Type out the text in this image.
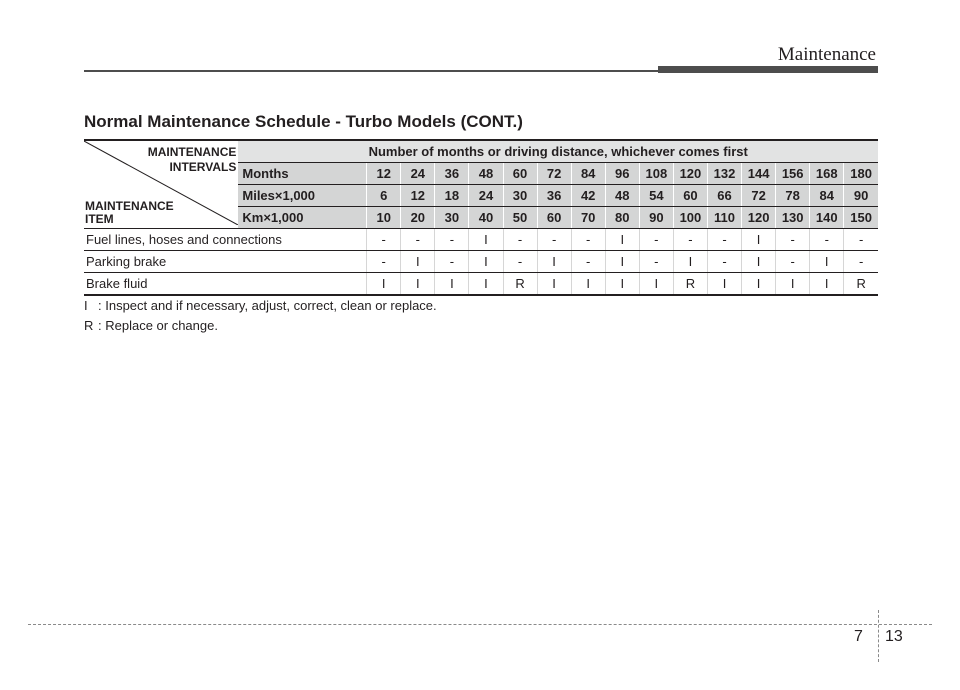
Maintenance
Normal Maintenance Schedule - Turbo Models (CONT.)
MAINTENANCE
INTERVALS
MAINTENANCE
ITEM	Number of months or driving distance, whichever comes first															
	Months	12	24	36	48	60	72	84	96	108	120	132	144	156	168	180
	Miles×1,000	6	12	18	24	30	36	42	48	54	60	66	72	78	84	90
	Km×1,000	10	20	30	40	50	60	70	80	90	100	110	120	130	140	150
Fuel lines, hoses and connections		-	-	-	I	-	-	-	I	-	-	-	I	-	-	-
Parking brake		-	I	-	I	-	I	-	I	-	I	-	I	-	I	-
Brake fluid		I	I	I	I	R	I	I	I	I	R	I	I	I	I	R
I : Inspect and if necessary, adjust, correct, clean or replace.
R : Replace or change.
7 13
